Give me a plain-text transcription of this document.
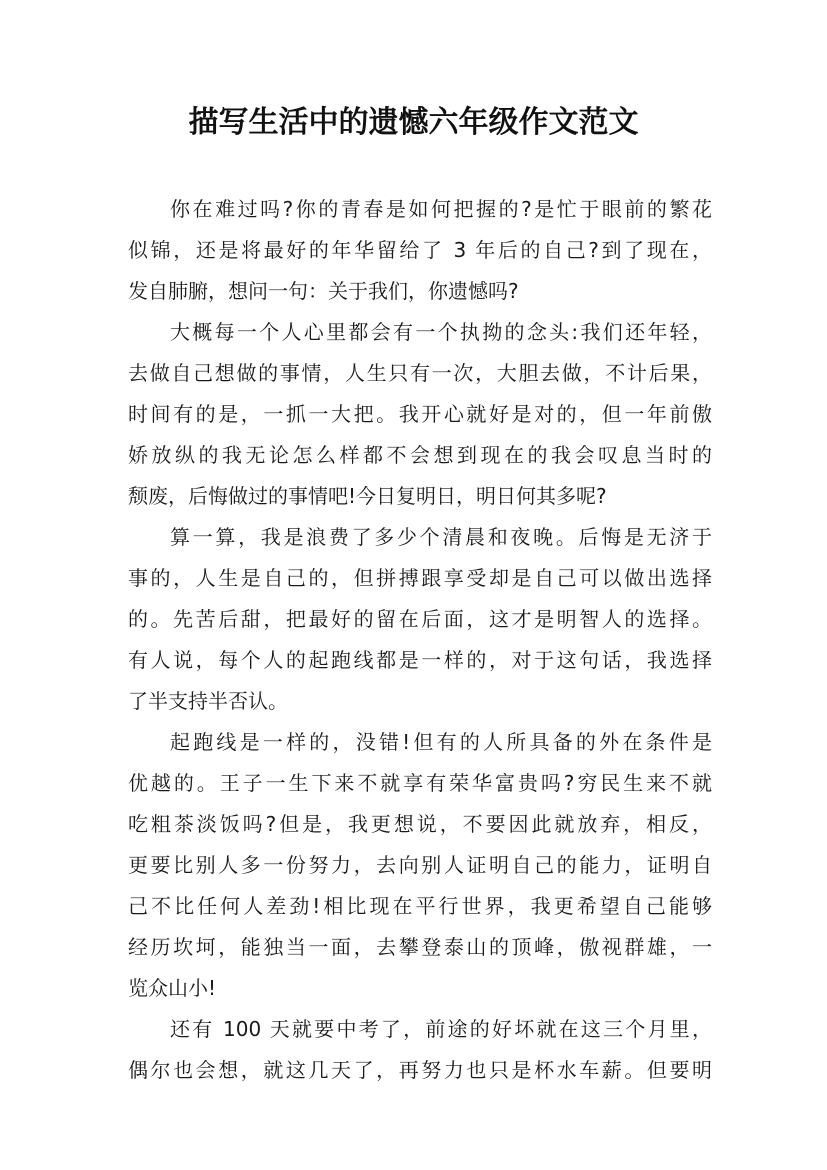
描写生活中的遗憾六年级作文范文
你在难过吗?你的青春是如何把握的?是忙于眼前的繁花
似锦，还是将最好的年华留给了 3 年后的自己?到了现在，
发自肺腑，想问一句：关于我们，你遗憾吗?
大概每一个人心里都会有一个执拗的念头:我们还年轻，
去做自己想做的事情，人生只有一次，大胆去做，不计后果，
时间有的是，一抓一大把。我开心就好是对的，但一年前傲
娇放纵的我无论怎么样都不会想到现在的我会叹息当时的
颓废，后悔做过的事情吧!今日复明日，明日何其多呢?
算一算，我是浪费了多少个清晨和夜晚。后悔是无济于
事的，人生是自己的，但拼搏跟享受却是自己可以做出选择
的。先苦后甜，把最好的留在后面，这才是明智人的选择。
有人说，每个人的起跑线都是一样的，对于这句话，我选择
了半支持半否认。
起跑线是一样的，没错!但有的人所具备的外在条件是
优越的。王子一生下来不就享有荣华富贵吗?穷民生来不就
吃粗茶淡饭吗?但是，我更想说，不要因此就放弃，相反，
更要比别人多一份努力，去向别人证明自己的能力，证明自
己不比任何人差劲!相比现在平行世界，我更希望自己能够
经历坎坷，能独当一面，去攀登泰山的顶峰，傲视群雄，一
览众山小!
还有 100 天就要中考了，前途的好坏就在这三个月里，
偶尔也会想，就这几天了，再努力也只是杯水车薪。但要明
